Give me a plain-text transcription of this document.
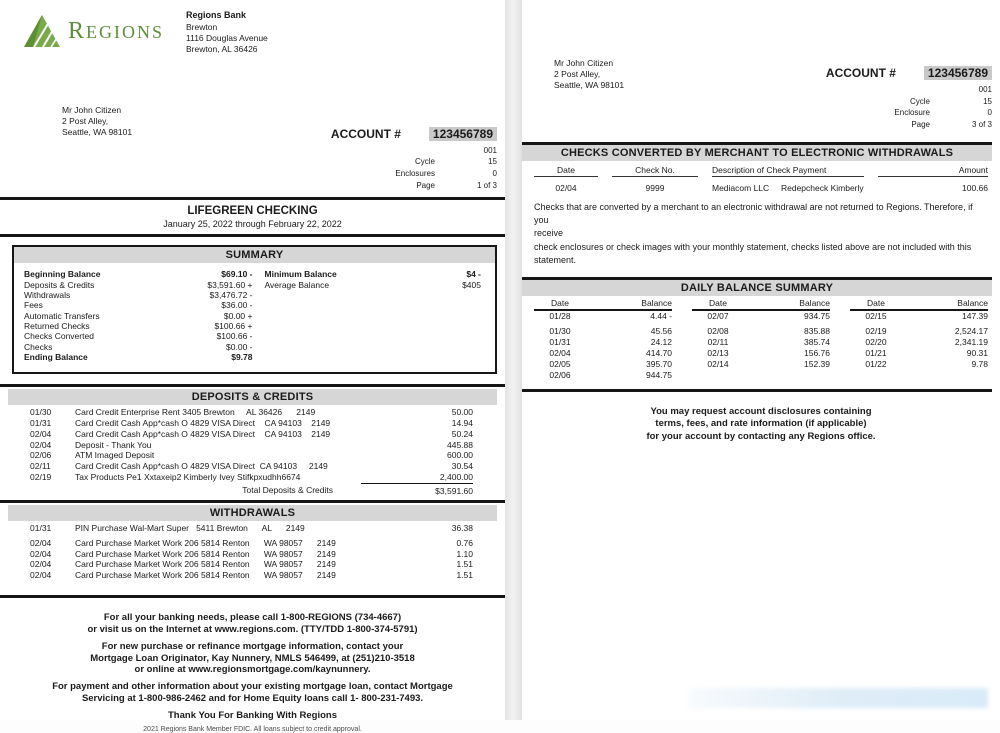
REGIONS
Regions Bank
Brewton
1116 Douglas Avenue
Brewton, AL 36426
Mr John Citizen
2 Post Alley,
Seattle, WA 98101	ACCOUNT #	123456789
001
Cycle	15
Enclosures	0
Page	1 of 3
LIFEGREEN CHECKING
January 25, 2022 through February 22, 2022
SUMMARY
Beginning Balance	$69.10 -
Deposits & Credits	$3,591.60 +
Withdrawals	$3,476.72 -
Fees	$36.00 -
Automatic Transfers	$0.00 +
Returned Checks	$100.66 +
Checks Converted	$100.66 -
Checks	$0.00 -
Ending Balance	$9.78
Minimum Balance	$4 -
Average Balance	$405
DEPOSITS & CREDITS
01/30	Card Credit Enterprise Rent 3405 Brewton     AL 36426      2149	50.00
01/31	Card Credit Cash App*cash O 4829 VISA Direct    CA 94103    2149	14.94
02/04	Card Credit Cash App*cash O 4829 VISA Direct    CA 94103    2149	50.24
02/04	Deposit - Thank You	445.88
02/06	ATM Imaged Deposit	600.00
02/11	Card Credit Cash App*cash O 4829 VISA Direct  CA 94103     2149	30.54
02/19	Tax Products Pe1 Xxtaxeip2 Kimberly Ivey Stifkpxudhh6674	2,400.00
Total Deposits & Credits	$3,591.60
WITHDRAWALS
01/31	PIN Purchase Wal-Mart Super   5411 Brewton      AL      2149	36.38
02/04	Card Purchase Market Work 206 5814 Renton      WA 98057      2149	0.76
02/04	Card Purchase Market Work 206 5814 Renton      WA 98057      2149	1.10
02/04	Card Purchase Market Work 206 5814 Renton      WA 98057      2149	1.51
02/04	Card Purchase Market Work 206 5814 Renton      WA 98057      2149	1.51
For all your banking needs, please call 1-800-REGIONS (734-4667)
or visit us on the Internet at www.regions.com. (TTY/TDD 1-800-374-5791)
For new purchase or refinance mortgage information, contact your
Mortgage Loan Originator, Kay Nunnery, NMLS 546499, at (251)210-3518
or online at www.regionsmortgage.com/kaynunnery.
For payment and other information about your existing mortgage loan, contact Mortgage
Servicing at 1-800-986-2462 and for Home Equity loans call 1- 800-231-7493.
Thank You For Banking With Regions
2021 Regions Bank Member FDIC. All loans subject to credit approval.
Mr John Citizen
2 Post Alley,
Seattle, WA 98101
ACCOUNT #	123456789
001
Cycle	15
Enclosure	0
Page	3 of 3
CHECKS CONVERTED BY MERCHANT TO ELECTRONIC WITHDRAWALS
Date	Check No.	Description of Check Payment	Amount
02/04	9999	Mediacom LLC     Redepcheck Kimberly	100.66
Checks that are converted by a merchant to an electronic withdrawal are not returned to Regions. Therefore, if you
receive
check enclosures or check images with your monthly statement, checks listed above are not included with this statement.
DAILY BALANCE SUMMARY
Date	Balance
01/28	4.44 -
01/30	45.56
01/31	24.12
02/04	414.70
02/05	395.70
02/06	944.75
Date	Balance
02/07	934.75
02/08	835.88
02/11	385.74
02/13	156.76
02/14	152.39
Date	Balance
02/15	147.39
02/19	2,524.17
02/20	2,341.19
01/21	90.31
01/22	9.78
You may request account disclosures containing
terms, fees, and rate information (if applicable)
for your account by contacting any Regions office.
